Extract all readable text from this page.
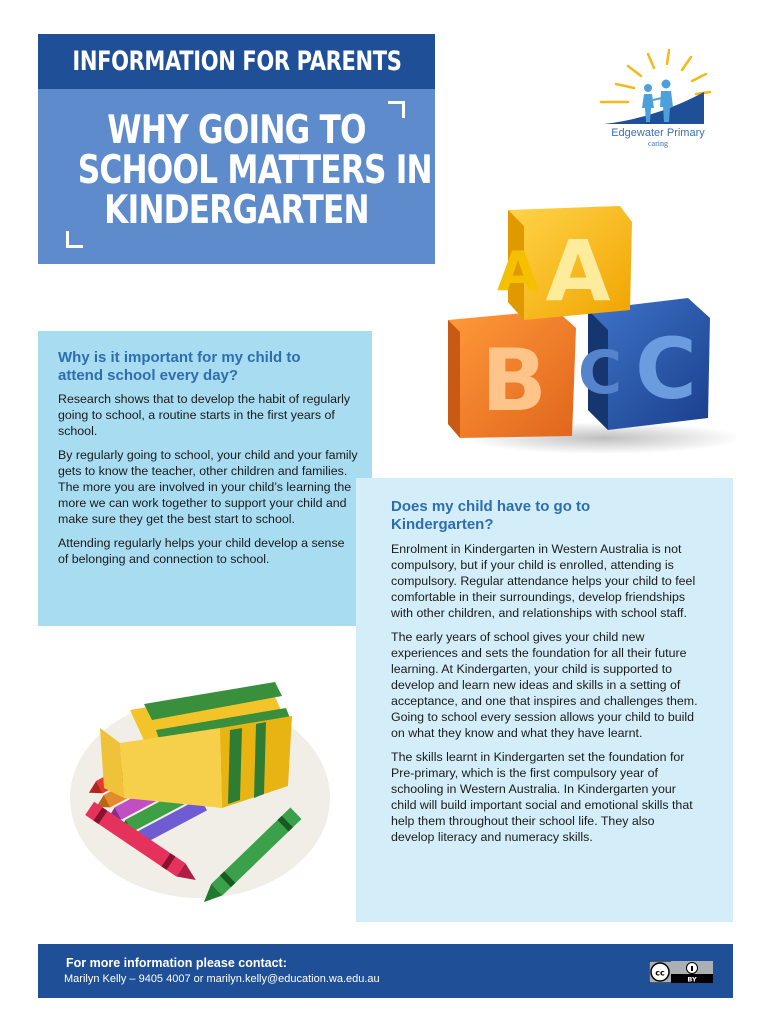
INFORMATION FOR PARENTS
WHY GOING TO
SCHOOL MATTERS IN
KINDERGARTEN
Edgewater Primary
caring
C
C
B
A
A
Why is it important for my child to attend school every day?

Research shows that to develop the habit of regularly going to school, a routine starts in the first years of school.

By regularly going to school, your child and your family gets to know the teacher, other children and families. The more you are involved in your child’s learning the more we can work together to support your child and make sure they get the best start to school.

Attending regularly helps your child develop a sense of belonging and connection to school.

Does my child have to go to Kindergarten?

Enrolment in Kindergarten in Western Australia is not compulsory, but if your child is enrolled, attending is compulsory. Regular attendance helps your child to feel comfortable in their surroundings, develop friendships with other children, and relationships with school staff.

The early years of school gives your child new experiences and sets the foundation for all their future learning. At Kindergarten, your child is supported to develop and learn new ideas and skills in a setting of acceptance, and one that inspires and challenges them. Going to school every session allows your child to build on what they know and what they have learnt.

The skills learnt in Kindergarten set the foundation for Pre-primary, which is the first compulsory year of schooling in Western Australia. In Kindergarten your child will build important social and emotional skills that help them throughout their school life. They also develop literacy and numeracy skills.

For more information please contact:
Marilyn Kelly – 9405 4007 or marilyn.kelly@education.wa.edu.au	cc
BY
